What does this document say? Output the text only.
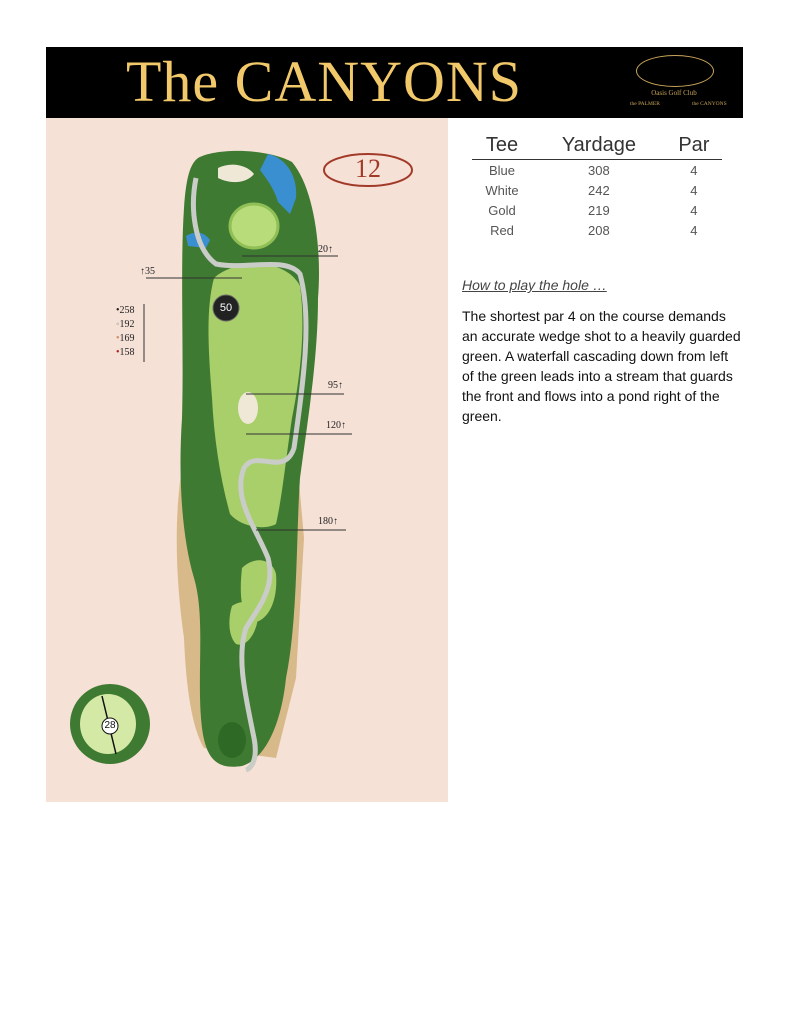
The CANYONS	Oasis Golf Club
the PALMER	the CANYONS
12
50
28
↑35
20↑
95↑
120↑
180↑
•258
◦192
•169
•158
Tee	Yardage	Par
Blue	308	4
White	242	4
Gold	219	4
Red	208	4
How to play the hole …
The shortest par 4 on the course demands an accurate wedge shot to a heavily guarded green. A waterfall cascading down from left of the green leads into a stream that guards the front and flows into a pond right of the green.
